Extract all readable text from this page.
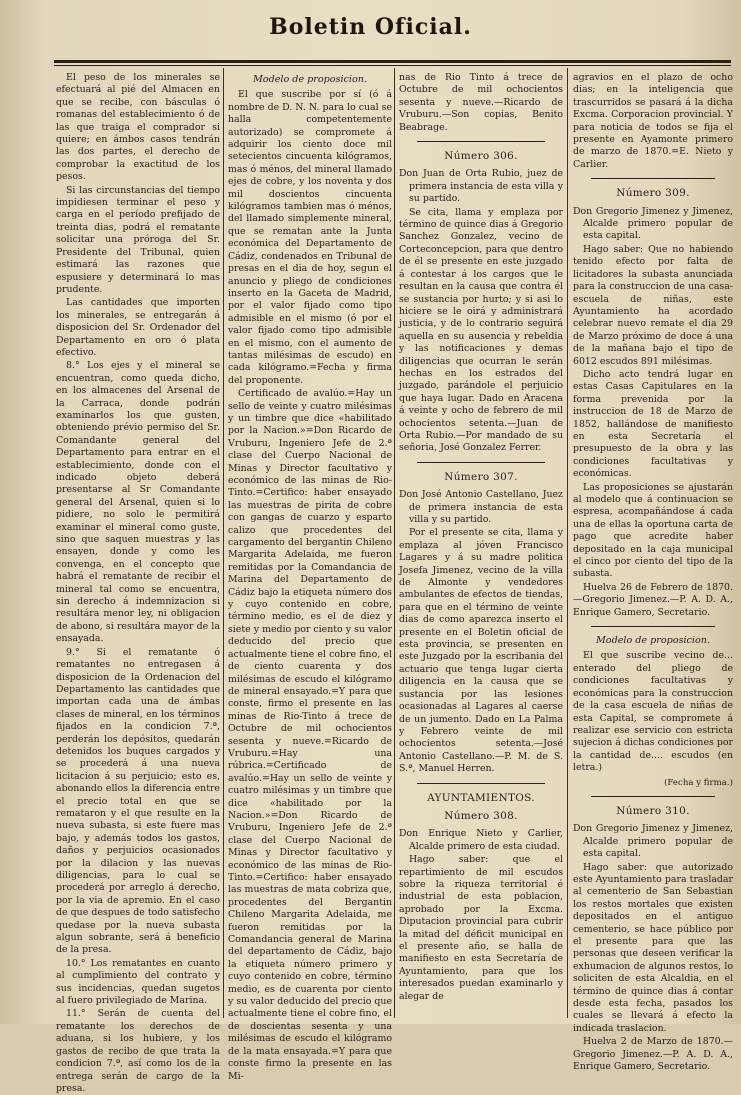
Boletin Oficial.

El peso de los minerales se efectuará al pié del Almacen en que se recibe, con básculas ó romanas del establecimiento ó de las que traiga el comprador si quiere; en ámbos casos tendrán las dos partes, el derecho de comprobar la exactitud de los pesos.

Si las circunstancias del tiempo impidiesen terminar el peso y carga en el período prefijado de treinta dias, podrá el rematante solicitar una próroga del Sr. Presidente del Tribunal, quien estimará las razones que espusiere y determinará lo mas prudente.

Las cantidades que importen los minerales, se entregarán á disposicion del Sr. Ordenador del Departamento en oro ó plata efectivo.

8.° Los ejes y el mineral se encuentran, como queda dicho, en los almacenes del Arsenal de la Carraca, donde podrán examinarlos los que gusten, obteniendo prévio permiso del Sr. Comandante general del Departamento para entrar en el establecimiento, donde con el indicado objeto deberá presentarse al Sr Comandante general del Arsenal, quien si lo pidiere, no solo le permitirá examinar el mineral como guste, sino que saquen muestras y las ensayen, donde y como les convenga, en el concepto que habrá el rematante de recibir el mineral tal como se encuentra, sin derecho á indemnizacion si resultára menor ley, ni obligacion de abono, si resultára mayor de la ensayada.

9.° Si el rematante ó rematantes no entregasen á disposicion de la Ordenacion del Departamento las cantidades que importan cada una de ámbas clases de mineral, en los términos fijados en la condicion 7.ª, perderán los depósitos, quedarán detenidos los buques cargados y se procederá á una nueva licitacion á su perjuicio; esto es, abonando ellos la diferencia entre el precio total en que se remataron y el que resulte en la nueva subasta, si este fuere mas bajo, y además todos los gastos, daños y perjuicios ocasionados por la dilacion y las nuevas diligencias, para lo cual se procederá por arreglo á derecho, por la via de apremio. En el caso de que despues de todo satisfecho quedase por la nueva subasta algun sobrante, será á beneficio de la presa.

10.° Los rematantes en cuanto al cumplimiento del contrato y sus incidencias, quedan sugetos al fuero privilegiado de Marina.

11.° Serán de cuenta del rematante los derechos de aduana, si los hubiere, y los gastos de recibo de que trata la condicion 7.ª, así como los de la entrega serán de cargo de la presa.

Modelo de proposicion.

El que suscribe por sí (ó á nombre de D. N. N. para lo cual se halla competentemente autorizado) se compromete á adquirir los ciento doce mil setecientos cincuenta kilógramos, mas ó ménos, del mineral llamado ejes de cobre, y los noventa y dos mil doscientos cincuenta kilógramos tambien mas ó ménos, del llamado simplemente mineral, que se rematan ante la Junta económica del Departamento de Cádiz, condenados en Tribunal de presas en el dia de hoy, segun el anuncio y pliego de condiciones inserto en la Gaceta de Madrid, por el valor fijado como tipo admisible en el mismo (ó por el valor fijado como tipo admisible en el mismo, con el aumento de tantas milésimas de escudo) en cada kilógramo.=Fecha y firma del proponente.

Certificado de avalúo.=Hay un sello de veinte y cuatro milésimas y un timbre que dice «habilitado por la Nacion.»=Don Ricardo de Vruburu, Ingeniero Jefe de 2.ª clase del Cuerpo Nacional de Minas y Director facultativo y económico de las minas de Rio-Tinto.=Certifico: haber ensayado las muestras de pirita de cobre con gangas de cuarzo y esparto calizo que procedentes del cargamento del bergantin Chileno Margarita Adelaida, me fueron remitidas por la Comandancia de Marina del Departamento de Cádiz bajo la etiqueta número dos y cuyo contenido en cobre, término medio, es el de diez y siete y medio por ciento y su valor deducido del precio que actualmente tiene el cobre fino, el de ciento cuarenta y dos milésimas de escudo el kilógramo de mineral ensayado.=Y para que conste, firmo el presente en las minas de Rio-Tinto á trece de Octubre de mil ochocientos sesenta y nueve.=Ricardo de Vruburu.=Hay una rúbrica.=Certificado de avalúo.=Hay un sello de veinte y cuatro milésimas y un timbre que dice «habilitado por la Nacion.»=Don Ricardo de Vruburu, Ingeniero Jefe de 2.ª clase del Cuerpo Nacional de Minas y Director facultativo y económico de las minas de Rio-Tinto.=Certifico: haber ensayado las muestras de mata cobriza que, procedentes del Bergantin Chileno Margarita Adelaida, me fueron remitidas por la Comandancia general de Marina del departamento de Cádiz, bajo la etiqueta número primero y cuyo contenido en cobre, término medio, es de cuarenta por ciento y su valor deducido del precio que actualmente tiene el cobre fino, el de doscientas sesenta y una milésimas de escudo el kilógramo de la mata ensayada.=Y para que conste firmo la presente en las Mi-

nas de Rio Tinto á trece de Octubre de mil ochocientos sesenta y nueve.—Ricardo de Vruburu.—Son copias, Benito Beabrage.

Número 306.

Don Juan de Orta Rubio, juez de primera instancia de esta villa y su partido.

Se cita, llama y emplaza por término de quince dias á Gregorio Sanchez Gonzalez, vecino de Corteconcepcion, para que dentro de él se presente en este juzgado á contestar á los cargos que le resultan en la causa que contra él se sustancia por hurto; y si asi lo hiciere se le oirá y administrará justicia, y de lo contrario seguirá aquella en su ausencia y rebeldia y las notificaciones y demas diligencias que ocurran le serán hechas en los estrados del juzgado, parándole el perjuicio que haya lugar. Dado en Aracena á veinte y ocho de febrero de mil ochocientos setenta.—Juan de Orta Rubio.—Por mandado de su señoria, José Gonzalez Ferrer.

Número 307.

Don José Antonio Castellano, Juez de primera instancia de esta villa y su partido.

Por el presente se cita, llama y emplaza al jóven Francisco Lagares y á su madre politica Josefa Jimenez, vecino de la villa de Almonte y vendedores ambulantes de efectos de tiendas, para que en el término de veinte dias de como aparezca inserto el presente en el Boletin oficial de esta provincia, se presenten en este Juzgado por la escribania del actuario que tenga lugar cierta diligencia en la causa que se sustancia por las lesiones ocasionadas al Lagares al caerse de un jumento. Dado en La Palma y Febrero veinte de mil ochocientos setenta.—José Antonio Castellano.—P. M. de S. S.ª, Manuel Herren.

AYUNTAMIENTOS.
Número 308.

Don Enrique Nieto y Carlier, Alcalde primero de esta ciudad.

Hago saber: que el repartimiento de mil escudos sobre la riqueza territorial é industrial de esta poblacion, aprobado por la Excma. Diputacion provincial para cubrir la mitad del déficit municipal en el presente año, se halla de manifiesto en esta Secretaría de Ayuntamiento, para que los interesados puedan examinarlo y alegar de

agravios en el plazo de ocho dias; en la inteligencia que trascurridos se pasará á la dicha Excma. Corporacion provincial. Y para noticia de todos se fija el presente en Ayamonte primero de marzo de 1870.=E. Nieto y Carlier.

Número 309.

Don Gregorio Jimenez y Jimenez, Alcalde primero popular de esta capital.

Hago saber: Que no habiendo tenido efecto por falta de licitadores la subasta anunciada para la construccion de una casa-escuela de niñas, este Ayuntamiento ha acordado celebrar nuevo remate el dia 29 de Marzo próximo de doce á una de la mañana bajo el tipo de 6012 escudos 891 milésimas.

Dicho acto tendrá lugar en estas Casas Capitulares en la forma prevenida por la instruccion de 18 de Marzo de 1852, hallándose de manifiesto en esta Secretaría el presupuesto de la obra y las condiciones facultativas y económicas.

Las proposiciones se ajustarán al modelo que á continuacion se espresa, acompañándose á cada una de ellas la oportuna carta de pago que acredite haber depositado en la caja municipal el cinco por ciento del tipo de la subasta.

Huelva 26 de Febrero de 1870.—Gregorio Jimenez.—P. A. D. A., Enrique Gamero, Secretario.

Modelo de proposicion.

El que suscribe vecino de... enterado del pliego de condiciones facultativas y económicas para la construccion de la casa escuela de niñas de esta Capital, se compromete á realizar ese servicio con estricta sujecion á dichas condiciones por la cantidad de.... escudos (en letra.)

(Fecha y firma.)
Número 310.

Don Gregorio Jimenez y Jimenez, Alcalde primero popular de esta capital.

Hago saber: que autorizado este Ayuntamiento para trasladar al cementerio de San Sebastian los restos mortales que existen depositados en el antiguo cementerio, se hace público por el presente para que las personas que deseen verificar la exhumacion de algunos restos, lo soliciten de esta Alcaldia, en el término de quince dias á contar desde esta fecha, pasados los cuales se llevará á efecto la indicada traslacion.

Huelva 2 de Marzo de 1870.—Gregorio Jimenez.—P. A. D. A., Enrique Gamero, Secretario.
